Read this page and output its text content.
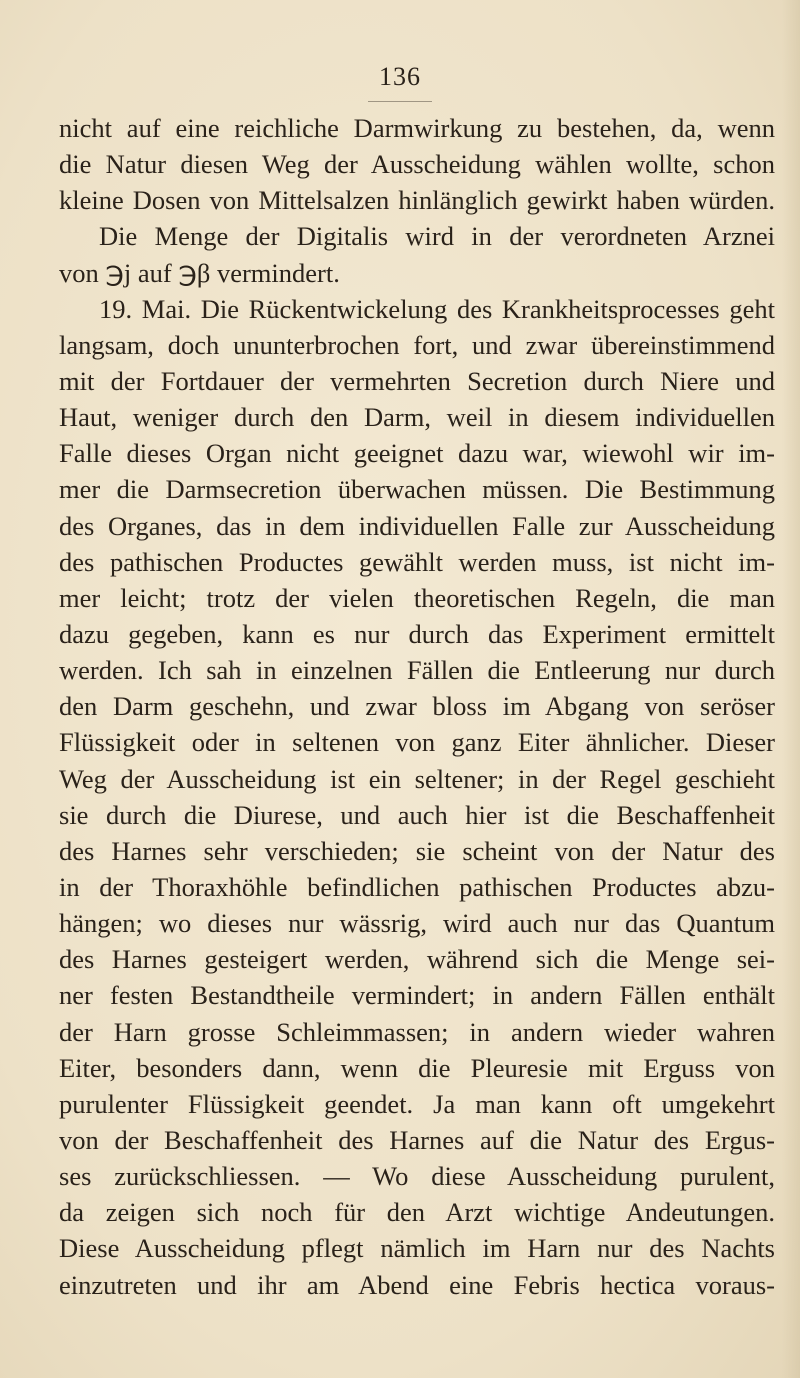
136
nicht auf eine reichliche Darmwirkung zu bestehen, da, wenn
die Natur diesen Weg der Ausscheidung wählen wollte, schon
kleine Dosen von Mittelsalzen hinlänglich gewirkt haben würden.
Die Menge der Digitalis wird in der verordneten Arznei
von ℈j auf ℈β vermindert.
19. Mai. Die Rückentwickelung des Krankheitsprocesses geht
langsam, doch ununterbrochen fort, und zwar übereinstimmend
mit der Fortdauer der vermehrten Secretion durch Niere und
Haut, weniger durch den Darm, weil in diesem individuellen
Falle dieses Organ nicht geeignet dazu war, wiewohl wir im-
mer die Darmsecretion überwachen müssen. Die Bestimmung
des Organes, das in dem individuellen Falle zur Ausscheidung
des pathischen Productes gewählt werden muss, ist nicht im-
mer leicht; trotz der vielen theoretischen Regeln, die man
dazu gegeben, kann es nur durch das Experiment ermittelt
werden. Ich sah in einzelnen Fällen die Entleerung nur durch
den Darm geschehn, und zwar bloss im Abgang von seröser
Flüssigkeit oder in seltenen von ganz Eiter ähnlicher. Dieser
Weg der Ausscheidung ist ein seltener; in der Regel geschieht
sie durch die Diurese, und auch hier ist die Beschaffenheit
des Harnes sehr verschieden; sie scheint von der Natur des
in der Thoraxhöhle befindlichen pathischen Productes abzu-
hängen; wo dieses nur wässrig, wird auch nur das Quantum
des Harnes gesteigert werden, während sich die Menge sei-
ner festen Bestandtheile vermindert; in andern Fällen enthält
der Harn grosse Schleimmassen; in andern wieder wahren
Eiter, besonders dann, wenn die Pleuresie mit Erguss von
purulenter Flüssigkeit geendet. Ja man kann oft umgekehrt
von der Beschaffenheit des Harnes auf die Natur des Ergus-
ses zurückschliessen. — Wo diese Ausscheidung purulent,
da zeigen sich noch für den Arzt wichtige Andeutungen.
Diese Ausscheidung pflegt nämlich im Harn nur des Nachts
einzutreten und ihr am Abend eine Febris hectica voraus-
